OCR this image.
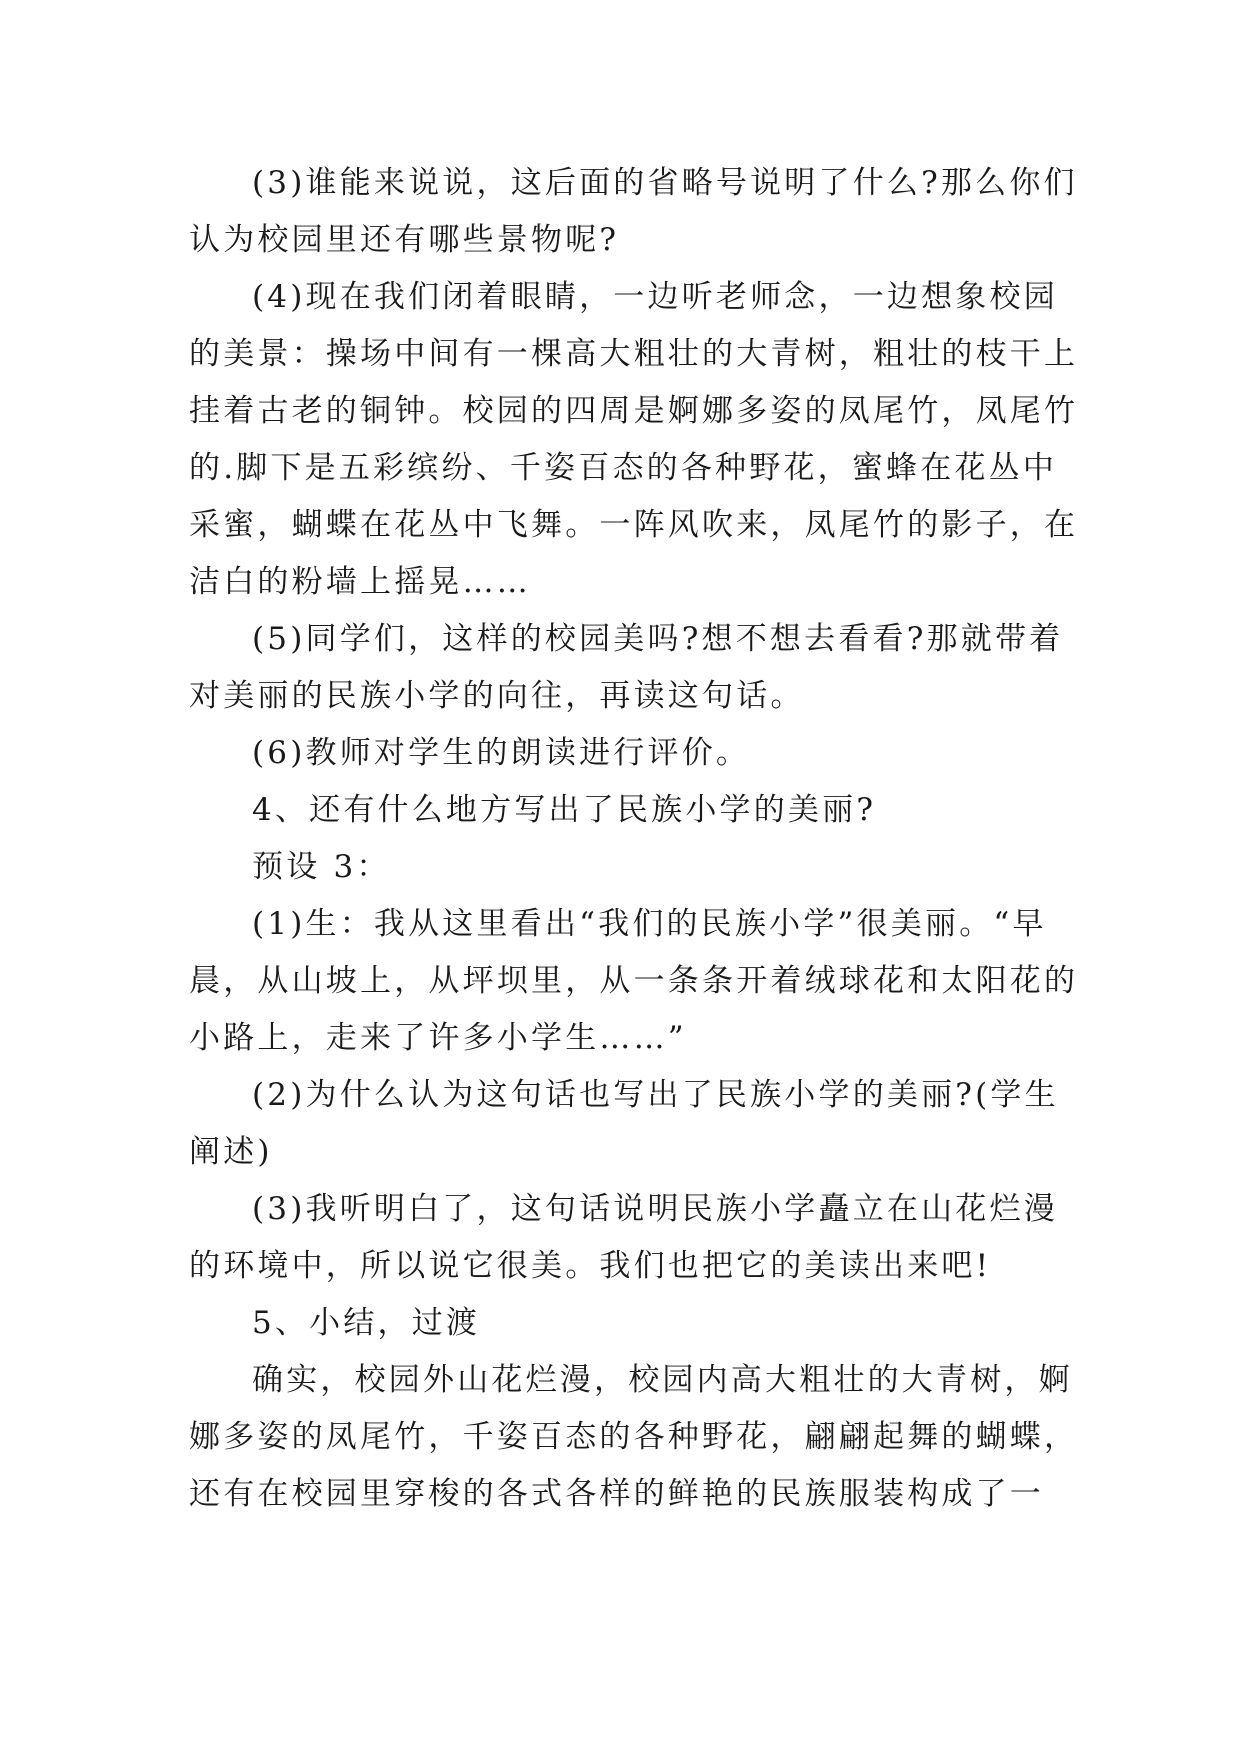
(3)谁能来说说，这后面的省略号说明了什么?那么你们
认为校园里还有哪些景物呢?
(4)现在我们闭着眼睛，一边听老师念，一边想象校园
的美景：操场中间有一棵高大粗壮的大青树，粗壮的枝干上
挂着古老的铜钟。校园的四周是婀娜多姿的凤尾竹，凤尾竹
的.脚下是五彩缤纷、千姿百态的各种野花，蜜蜂在花丛中
采蜜，蝴蝶在花丛中飞舞。一阵风吹来，凤尾竹的影子，在
洁白的粉墙上摇晃……
(5)同学们，这样的校园美吗?想不想去看看?那就带着
对美丽的民族小学的向往，再读这句话。
(6)教师对学生的朗读进行评价。
4、还有什么地方写出了民族小学的美丽?
预设 3：
(1)生：我从这里看出“我们的民族小学”很美丽。“早
晨，从山坡上，从坪坝里，从一条条开着绒球花和太阳花的
小路上，走来了许多小学生……”
(2)为什么认为这句话也写出了民族小学的美丽?(学生
阐述)
(3)我听明白了，这句话说明民族小学矗立在山花烂漫
的环境中，所以说它很美。我们也把它的美读出来吧!
5、小结，过渡
确实，校园外山花烂漫，校园内高大粗壮的大青树，婀
娜多姿的凤尾竹，千姿百态的各种野花，翩翩起舞的蝴蝶，
还有在校园里穿梭的各式各样的鲜艳的民族服装构成了一
